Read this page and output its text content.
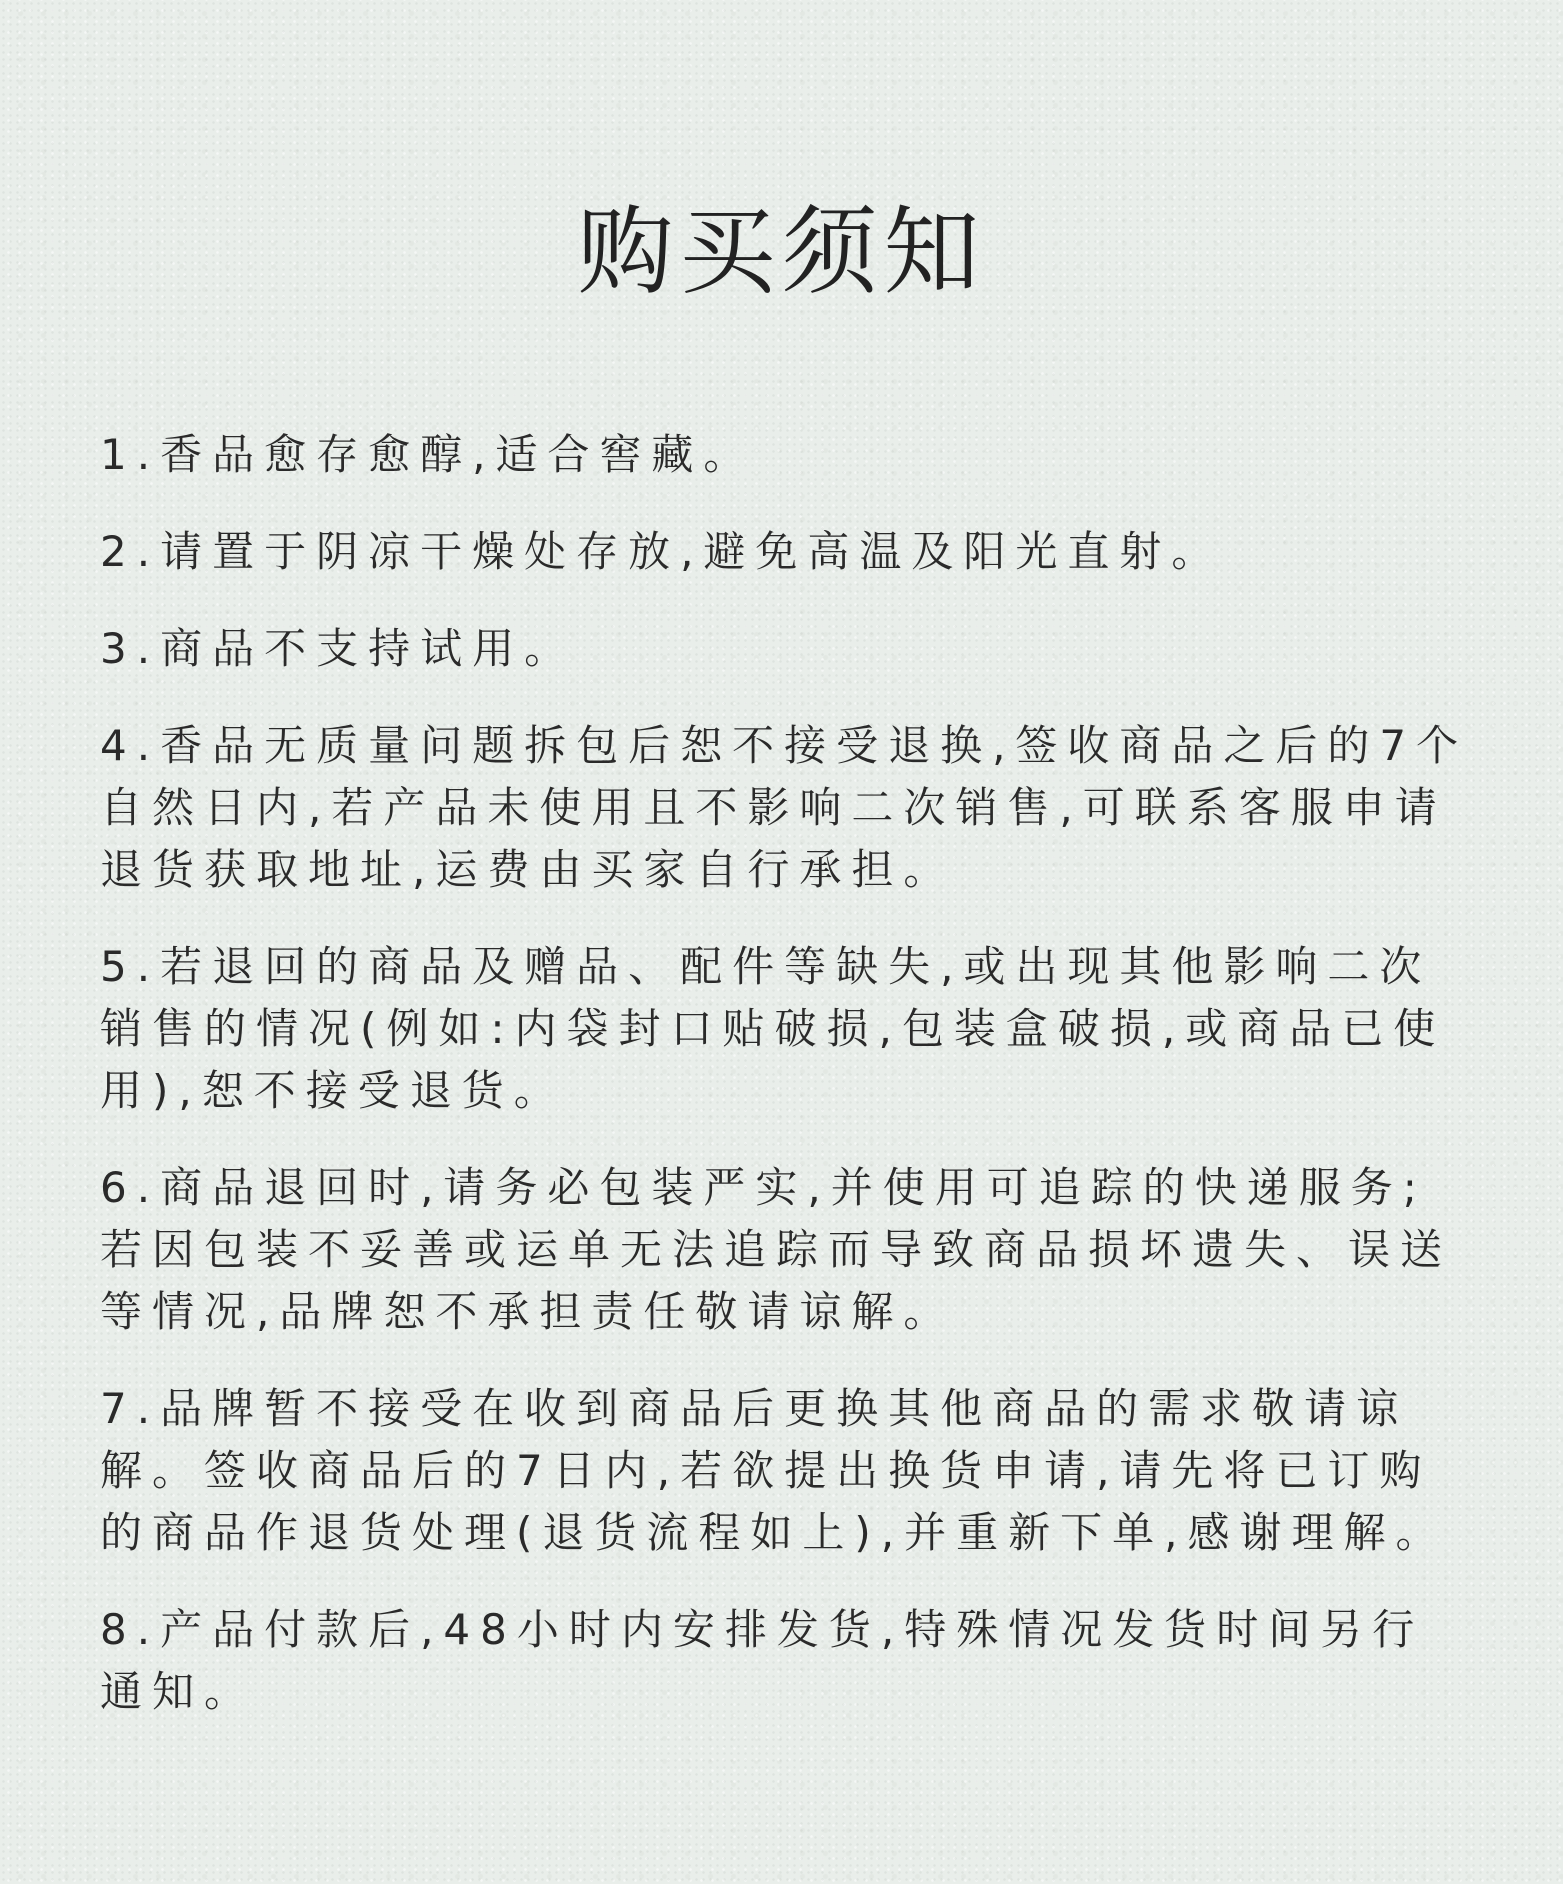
购买须知
1.香品愈存愈醇,适合窖藏。
2.请置于阴凉干燥处存放,避免高温及阳光直射。
3.商品不支持试用。
4.香品无质量问题拆包后恕不接受退换,签收商品之后的7个自然日内,若产品未使用且不影响二次销售,可联系客服申请退货获取地址,运费由买家自行承担。
5.若退回的商品及赠品、配件等缺失,或出现其他影响二次销售的情况(例如:内袋封口贴破损,包装盒破损,或商品已使用),恕不接受退货。
6.商品退回时,请务必包装严实,并使用可追踪的快递服务;若因包装不妥善或运单无法追踪而导致商品损坏遗失、误送等情况,品牌恕不承担责任敬请谅解。
7.品牌暂不接受在收到商品后更换其他商品的需求敬请谅解。签收商品后的7日内,若欲提出换货申请,请先将已订购的商品作退货处理(退货流程如上),并重新下单,感谢理解。
8.产品付款后,48小时内安排发货,特殊情况发货时间另行通知。
